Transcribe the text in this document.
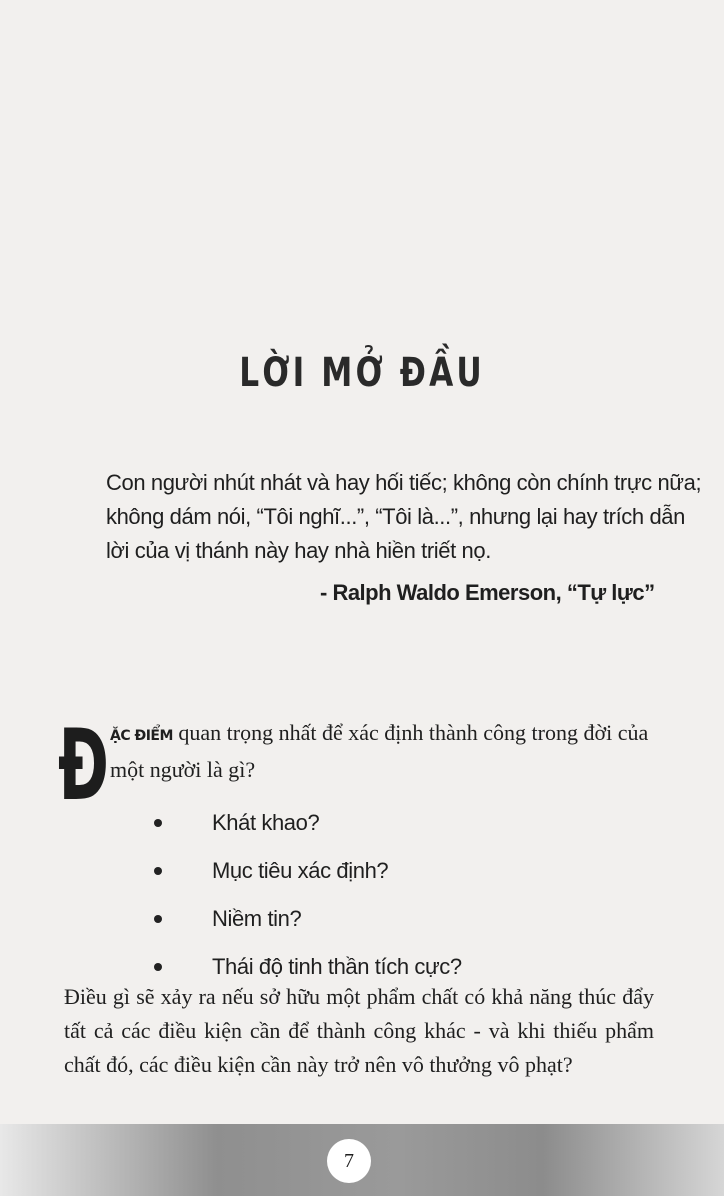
LỜI MỞ ĐẦU
Con người nhút nhát và hay hối tiếc; không còn chính trực nữa;
không dám nói, “Tôi nghĩ...”, “Tôi là...”, nhưng lại hay trích dẫn
lời của vị thánh này hay nhà hiền triết nọ.
- Ralph Waldo Emerson, “Tự lực”
Đ ẶC ĐIỂM quan trọng nhất để xác định thành công trong đời của một người là gì?
Khát khao?
Mục tiêu xác định?
Niềm tin?
Thái độ tinh thần tích cực?

Điều gì sẽ xảy ra nếu sở hữu một phẩm chất có khả năng thúc đẩy tất cả các điều kiện cần để thành công khác - và khi thiếu phẩm chất đó, các điều kiện cần này trở nên vô thưởng vô phạt?

7
